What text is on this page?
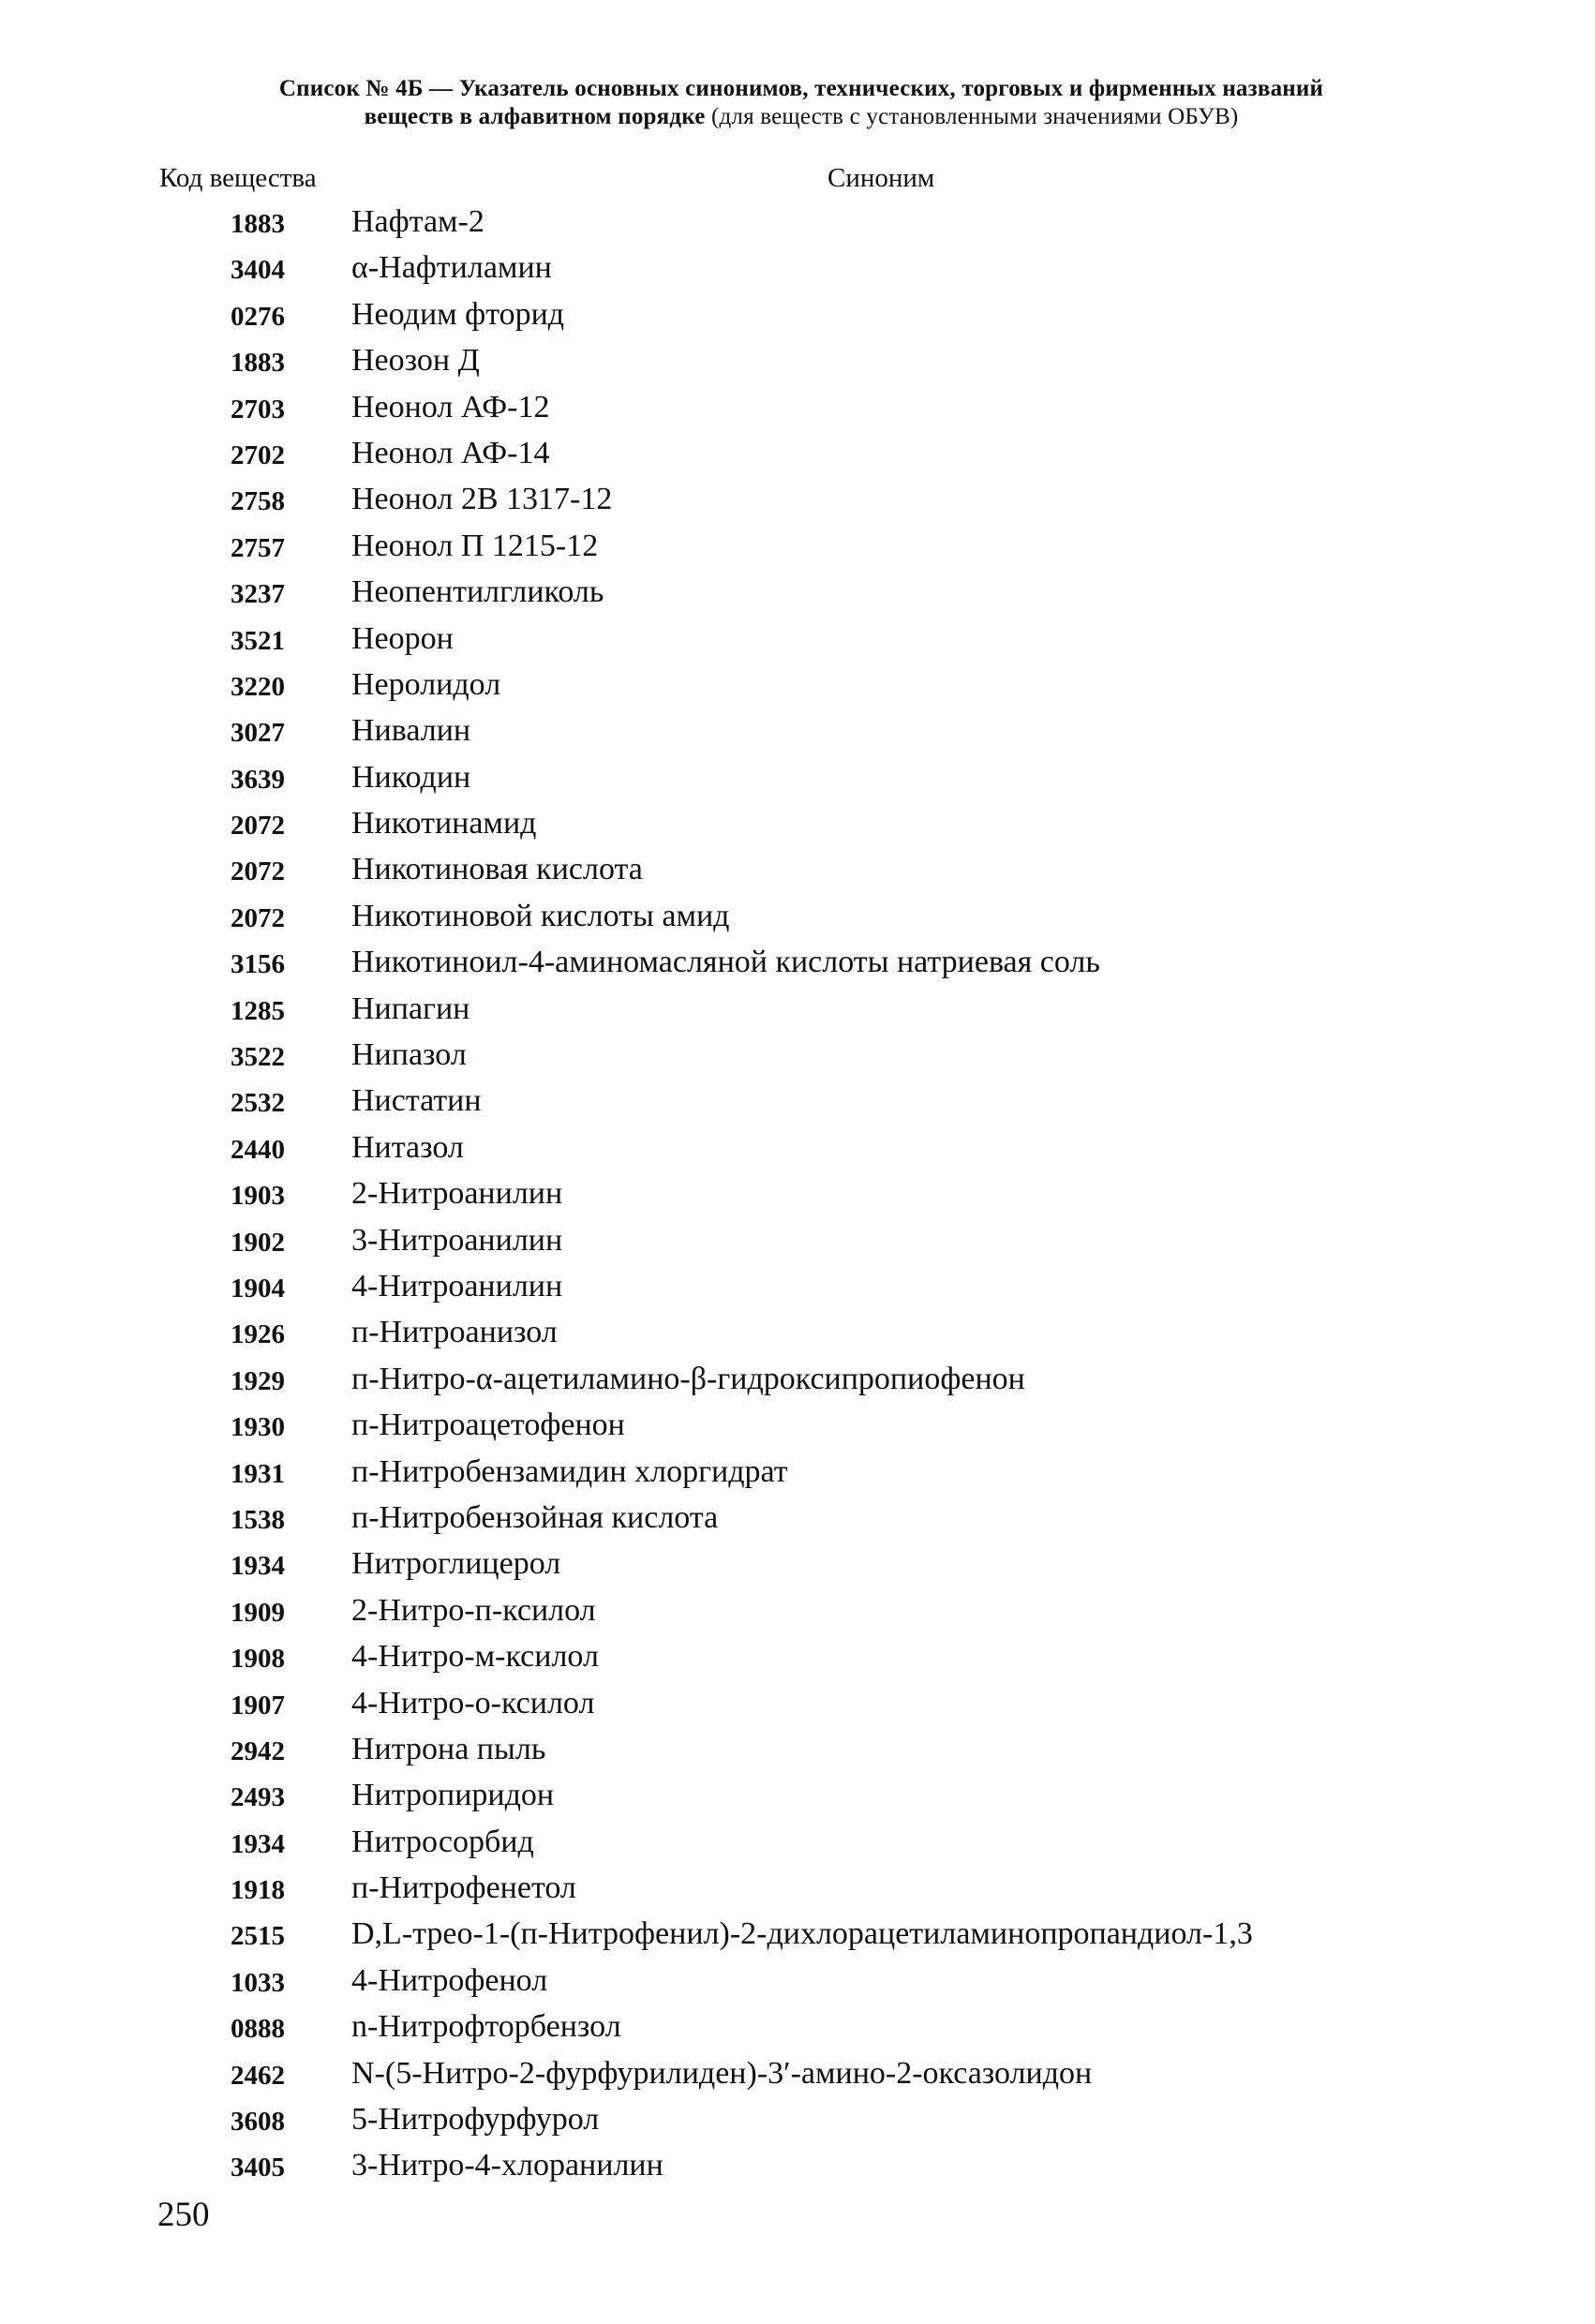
Список № 4Б — Указатель основных синонимов, технических, торговых и фирменных названий
веществ в алфавитном порядке (для веществ с установленными значениями ОБУВ)
Код вещества	Синоним
1883 Нафтам-2
3404 α-Нафтиламин
0276 Неодим фторид
1883 Неозон Д
2703 Неонол АФ-12
2702 Неонол АФ-14
2758 Неонол 2В 1317-12
2757 Неонол П 1215-12
3237 Неопентилгликоль
3521 Неорон
3220 Неролидол
3027 Нивалин
3639 Никодин
2072 Никотинамид
2072 Никотиновая кислота
2072 Никотиновой кислоты амид
3156 Никотиноил-4-аминомасляной кислоты натриевая соль
1285 Нипагин
3522 Нипазол
2532 Нистатин
2440 Нитазол
1903 2-Нитроанилин
1902 3-Нитроанилин
1904 4-Нитроанилин
1926 п-Нитроанизол
1929 п-Нитро-α-ацетиламино-β-гидроксипропиофенон
1930 п-Нитроацетофенон
1931 п-Нитробензамидин хлоргидрат
1538 п-Нитробензойная кислота
1934 Нитроглицерол
1909 2-Нитро-п-ксилол
1908 4-Нитро-м-ксилол
1907 4-Нитро-о-ксилол
2942 Нитрона пыль
2493 Нитропиридон
1934 Нитросорбид
1918 п-Нитрофенетол
2515 D,L-трео-1-(п-Нитрофенил)-2-дихлорацетиламинопропандиол-1,3
1033 4-Нитрофенол
0888 n-Нитрофторбензол
2462 N-(5-Нитро-2-фурфурилиден)-3′-амино-2-оксазолидон
3608 5-Нитрофурфурол
3405 3-Нитро-4-хлоранилин
250
